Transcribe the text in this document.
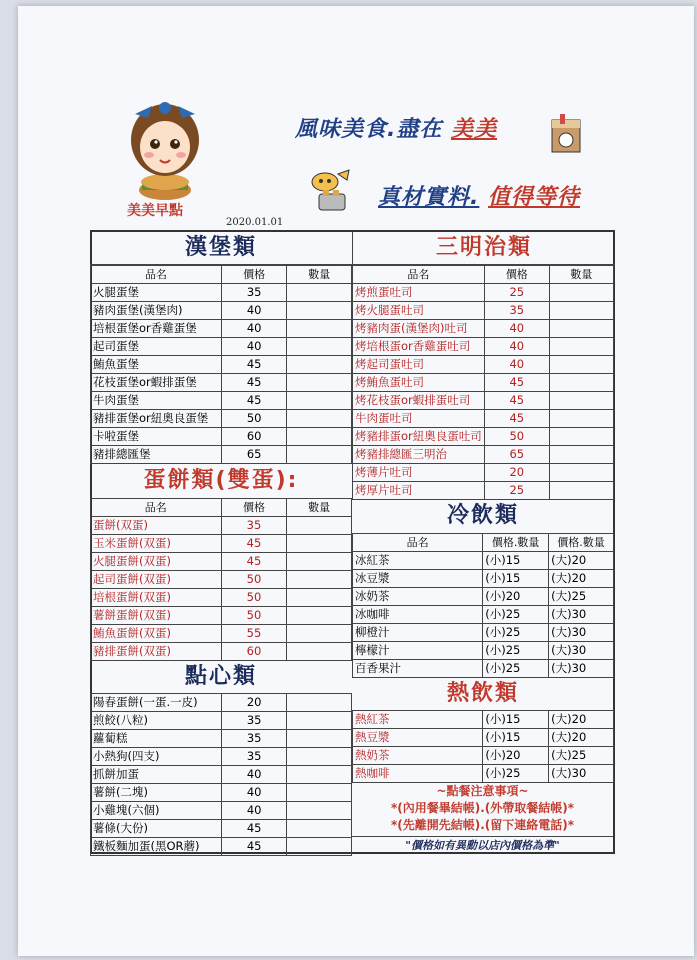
美美早點
風味美食.盡在 美美
真材實料. 值得等待
2020.01.01
漢堡類
品名	價格	數量
火腿蛋堡	35	
豬肉蛋堡(漢堡肉)	40	
培根蛋堡or香雞蛋堡	40	
起司蛋堡	40	
鮪魚蛋堡	45	
花枝蛋堡or蝦排蛋堡	45	
牛肉蛋堡	45	
豬排蛋堡or紐奧良蛋堡	50	
卡啦蛋堡	60	
豬排總匯堡	65	
蛋餅類(雙蛋):
品名	價格	數量
蛋餅(双蛋)	35	
玉米蛋餅(双蛋)	45	
火腿蛋餅(双蛋)	45	
起司蛋餅(双蛋)	50	
培根蛋餅(双蛋)	50	
薯餅蛋餅(双蛋)	50	
鮪魚蛋餅(双蛋)	55	
豬排蛋餅(双蛋)	60	
點心類
陽春蛋餅(一蛋.一皮)	20	
煎餃(八粒)	35	
蘿蔔糕	35	
小熱狗(四支)	35	
抓餅加蛋	40	
薯餅(二塊)	40	
小雞塊(六個)	40	
薯條(大份)	45	
鐵板麵加蛋(黑OR蘑)	45	
三明治類
品名	價格	數量
烤煎蛋吐司	25	
烤火腿蛋吐司	35	
烤豬肉蛋(漢堡肉)吐司	40	
烤培根蛋or香雞蛋吐司	40	
烤起司蛋吐司	40	
烤鮪魚蛋吐司	45	
烤花枝蛋or蝦排蛋吐司	45	
牛肉蛋吐司	45	
烤豬排蛋or紐奧良蛋吐司	50	
烤豬排總匯三明治	65	
烤薄片吐司	20	
烤厚片吐司	25	
冷飲類
品名	價格.數量	價格.數量
冰紅茶	(小)15	(大)20
冰豆漿	(小)15	(大)20
冰奶茶	(小)20	(大)25
冰咖啡	(小)25	(大)30
柳橙汁	(小)25	(大)30
檸檬汁	(小)25	(大)30
百香果汁	(小)25	(大)30
熱飲類
熱紅茶	(小)15	(大)20
熱豆漿	(小)15	(大)20
熱奶茶	(小)20	(大)25
熱咖啡	(小)25	(大)30
~點餐注意事項~
*(內用餐畢結帳).(外帶取餐結帳)*
*(先離開先結帳).(留下連絡電話)*
"價格如有異動以店內價格為準"
